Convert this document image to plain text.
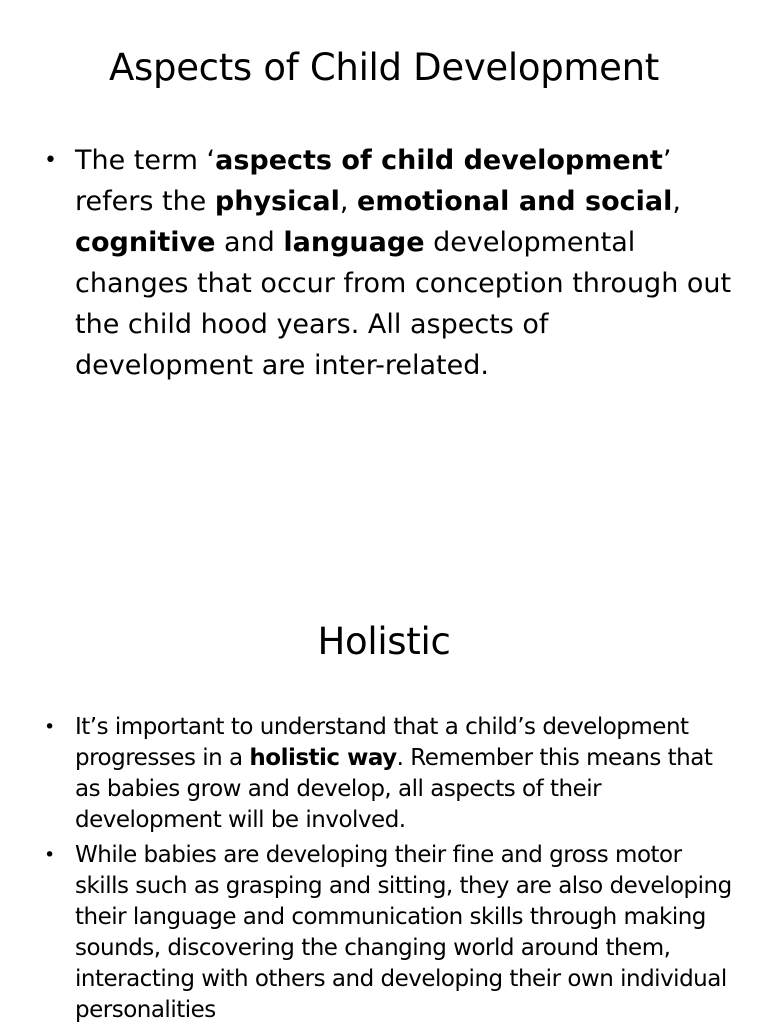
Aspects of Child Development
• The term ‘aspects of child development’ refers the physical, emotional and social, cognitive and language developmental changes that occur from conception through out the child hood years. All aspects of development are inter-related.
Holistic
• It’s important to understand that a child’s development progresses in a holistic way. Remember this means that as babies grow and develop, all aspects of their development will be involved.
• While babies are developing their fine and gross motor skills such as grasping and sitting, they are also developing their language and communication skills through making sounds, discovering the changing world around them, interacting with others and developing their own individual personalities
